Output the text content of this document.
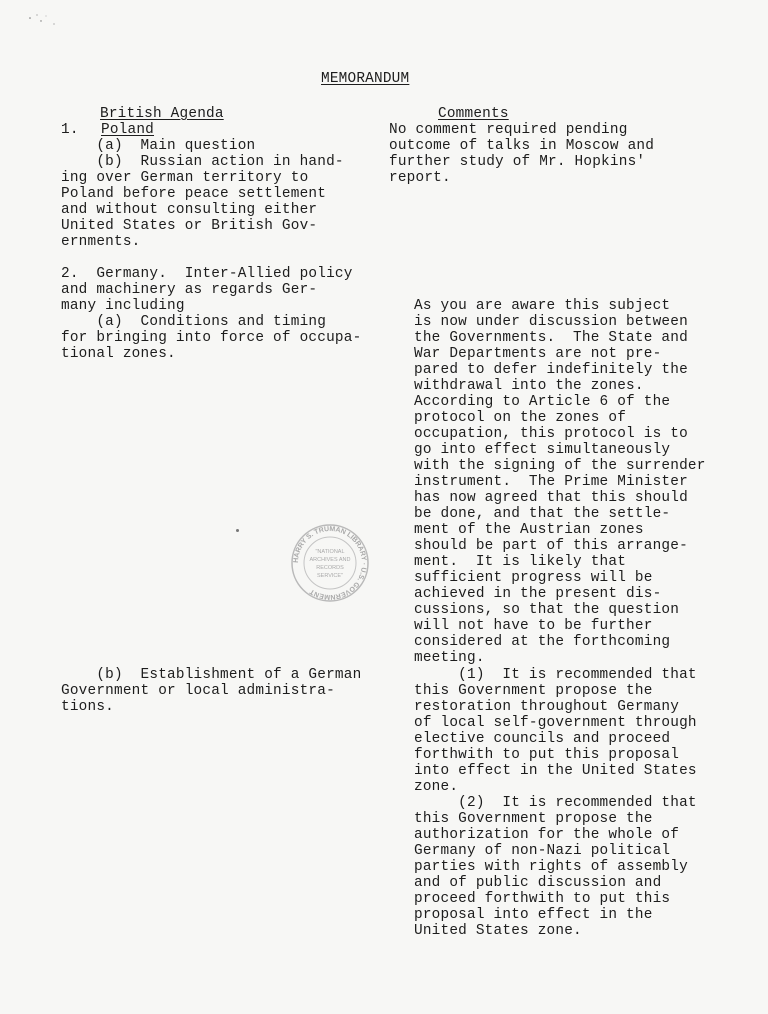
MEMORANDUM
British Agenda	Comments
1. Poland
(a)  Main question
(b)  Russian action in hand-
ing over German territory to
Poland before peace settlement
and without consulting either
United States or British Gov-
ernments.
No comment required pending
outcome of talks in Moscow and
further study of Mr. Hopkins'
report.
2.  Germany.  Inter-Allied policy
and machinery as regards Ger-
many including
(a)  Conditions and timing
for bringing into force of occupa-
tional zones.
As you are aware this subject
is now under discussion between
the Governments.  The State and
War Departments are not pre-
pared to defer indefinitely the
withdrawal into the zones.
According to Article 6 of the
protocol on the zones of
occupation, this protocol is to
go into effect simultaneously
with the signing of the surrender
instrument.  The Prime Minister
has now agreed that this should
be done, and that the settle-
ment of the Austrian zones
should be part of this arrange-
ment.  It is likely that
sufficient progress will be
achieved in the present dis-
cussions, so that the question
will not have to be further
considered at the forthcoming
meeting.
(b)  Establishment of a German
Government or local administra-
tions.
(1)  It is recommended that
this Government propose the
restoration throughout Germany
of local self-government through
elective councils and proceed
forthwith to put this proposal
into effect in the United States
zone.
(2)  It is recommended that
this Government propose the
authorization for the whole of
Germany of non-Nazi political
parties with rights of assembly
and of public discussion and
proceed forthwith to put this
proposal into effect in the
United States zone.
HARRY S. TRUMAN LIBRARY · U.S. GOVERNMENT
"NATIONAL
ARCHIVES AND
RECORDS
SERVICE"
